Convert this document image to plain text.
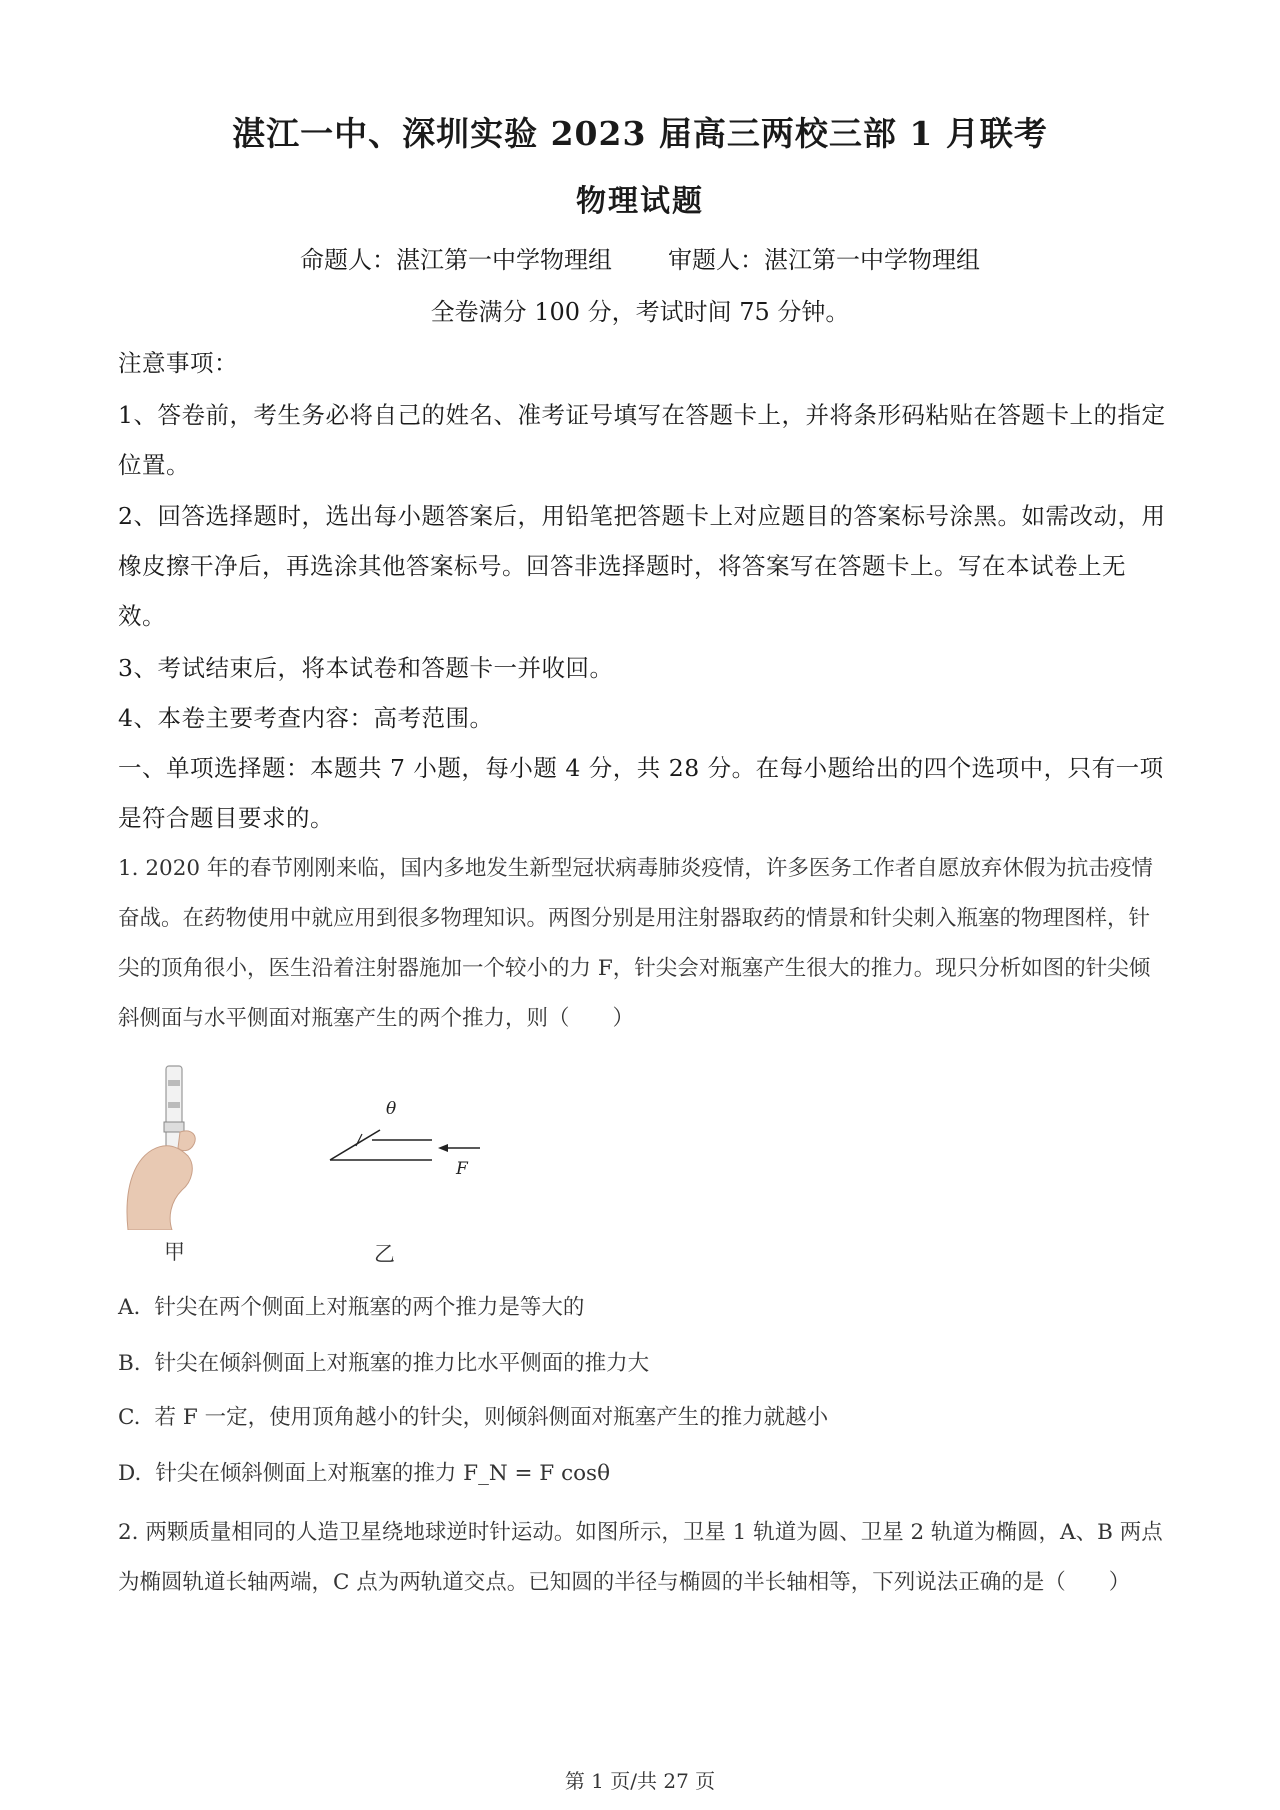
湛江一中、深圳实验 2023 届高三两校三部 1 月联考
物理试题
命题人：湛江第一中学物理组 审题人：湛江第一中学物理组
全卷满分 100 分，考试时间 75 分钟。
注意事项：
1、答卷前，考生务必将自己的姓名、准考证号填写在答题卡上，并将条形码粘贴在答题卡上的指定位置。
2、回答选择题时，选出每小题答案后，用铅笔把答题卡上对应题目的答案标号涂黑。如需改动，用橡皮擦干净后，再选涂其他答案标号。回答非选择题时，将答案写在答题卡上。写在本试卷上无效。
3、考试结束后，将本试卷和答题卡一并收回。
4、本卷主要考查内容：高考范围。
一、单项选择题：本题共 7 小题，每小题 4 分，共 28 分。在每小题给出的四个选项中，只有一项是符合题目要求的。
1. 2020 年的春节刚刚来临，国内多地发生新型冠状病毒肺炎疫情，许多医务工作者自愿放弃休假为抗击疫情奋战。在药物使用中就应用到很多物理知识。两图分别是用注射器取药的情景和针尖刺入瓶塞的物理图样，针尖的顶角很小，医生沿着注射器施加一个较小的力 F，针尖会对瓶塞产生很大的推力。现只分析如图的针尖倾斜侧面与水平侧面对瓶塞产生的两个推力，则（　　）
θ
F
甲	乙
A. 针尖在两个侧面上对瓶塞的两个推力是等大的
B. 针尖在倾斜侧面上对瓶塞的推力比水平侧面的推力大
C. 若 F 一定，使用顶角越小的针尖，则倾斜侧面对瓶塞产生的推力就越小
D. 针尖在倾斜侧面上对瓶塞的推力 F_N = F cosθ
2. 两颗质量相同的人造卫星绕地球逆时针运动。如图所示，卫星 1 轨道为圆、卫星 2 轨道为椭圆，A、B 两点为椭圆轨道长轴两端，C 点为两轨道交点。已知圆的半径与椭圆的半长轴相等，下列说法正确的是（　　）
第 1 页/共 27 页
